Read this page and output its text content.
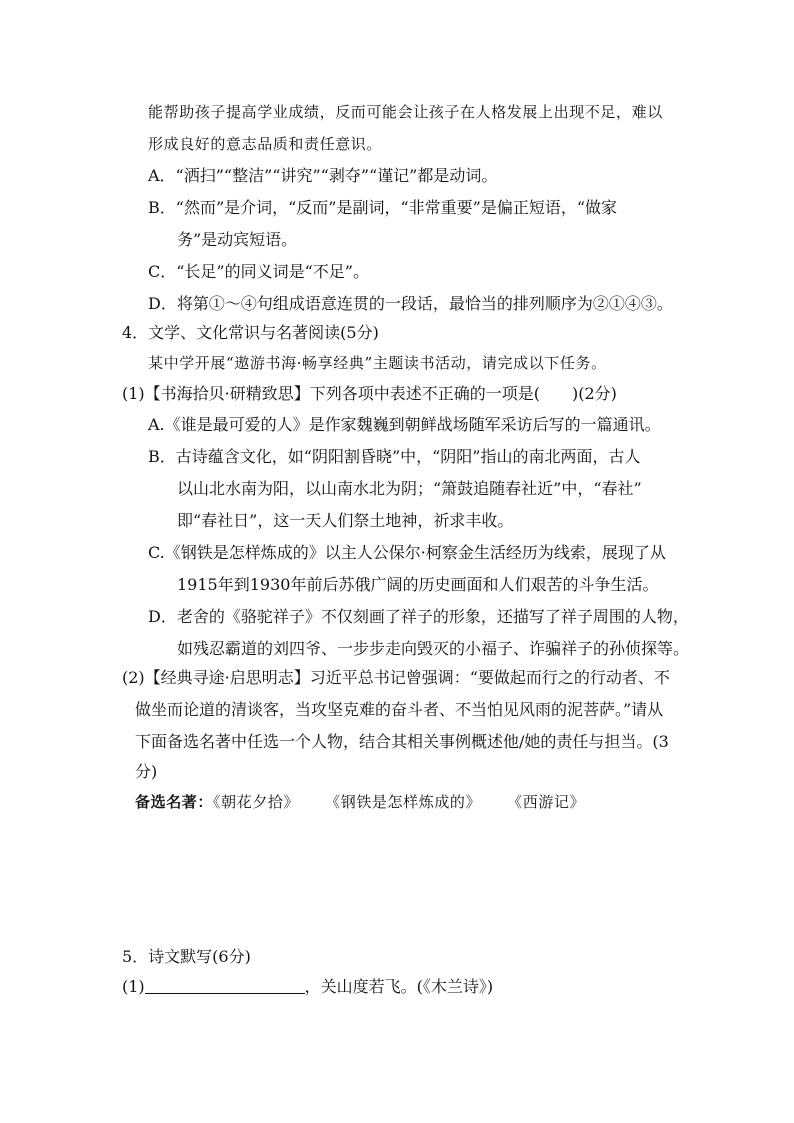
能帮助孩子提高学业成绩，反而可能会让孩子在人格发展上出现不足，难以
形成良好的意志品质和责任意识。
A．“洒扫”“整洁”“讲究”“剥夺”“谨记”都是动词。
B．“然而”是介词，“反而”是副词，“非常重要”是偏正短语，“做家
务”是动宾短语。
C．“长足”的同义词是“不足”。
D．将第①～④句组成语意连贯的一段话，最恰当的排列顺序为②①④③。
4．文学、文化常识与名著阅读(5分)
某中学开展“遨游书海·畅享经典”主题读书活动，请完成以下任务。
(1)【书海拾贝·研精致思】下列各项中表述不正确的一项是(　　)(2分)
A.《谁是最可爱的人》是作家魏巍到朝鲜战场随军采访后写的一篇通讯。
B．古诗蕴含文化，如“阴阳割昏晓”中，“阴阳”指山的南北两面，古人
以山北水南为阳，以山南水北为阴；“箫鼓追随春社近”中，“春社”
即“春社日”，这一天人们祭土地神，祈求丰收。
C.《钢铁是怎样炼成的》以主人公保尔·柯察金生活经历为线索，展现了从
1915年到1930年前后苏俄广阔的历史画面和人们艰苦的斗争生活。
D．老舍的《骆驼祥子》不仅刻画了祥子的形象，还描写了祥子周围的人物，
如残忍霸道的刘四爷、一步步走向毁灭的小福子、诈骗祥子的孙侦探等。
(2)【经典寻途·启思明志】习近平总书记曾强调：“要做起而行之的行动者、不
做坐而论道的清谈客，当攻坚克难的奋斗者、不当怕见风雨的泥菩萨。”请从
下面备选名著中任选一个人物，结合其相关事例概述他/她的责任与担当。(3
分)
备选名著：《朝花夕拾》 《钢铁是怎样炼成的》 《西游记》
5．诗文默写(6分)
(1)	，关山度若飞。(《木兰诗》)
